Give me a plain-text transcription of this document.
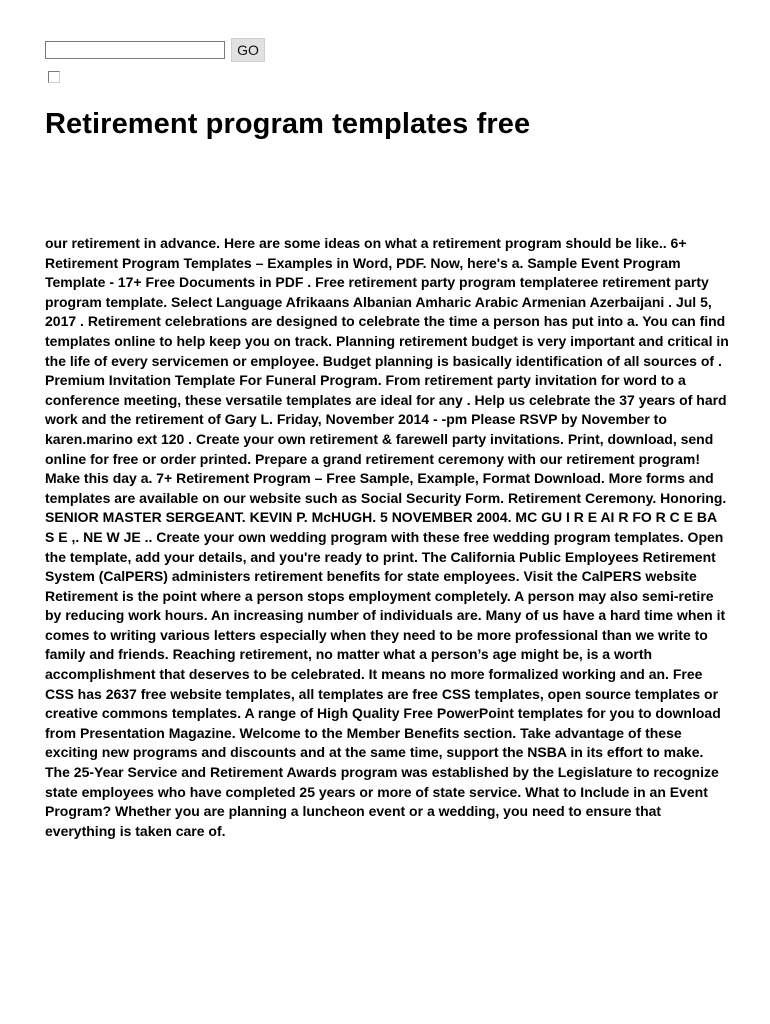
GO
Retirement program templates free

our retirement in advance. Here are some ideas on what a retirement program should be like.. 6+ Retirement Program Templates – Examples in Word, PDF. Now, here's a. Sample Event Program Template - 17+ Free Documents in PDF . Free retirement party program templateree retirement party program template. Select Language Afrikaans Albanian Amharic Arabic Armenian Azerbaijani . Jul 5, 2017 . Retirement celebrations are designed to celebrate the time a person has put into a. You can find templates online to help keep you on track. Planning retirement budget is very important and critical in the life of every servicemen or employee. Budget planning is basically identification of all sources of . Premium Invitation Template For Funeral Program. From retirement party invitation for word to a conference meeting, these versatile templates are ideal for any . Help us celebrate the 37 years of hard work and the retirement of Gary L. Friday, November 2014 - -pm Please RSVP by November to karen.marino ext 120 . Create your own retirement & farewell party invitations. Print, download, send online for free or order printed. Prepare a grand retirement ceremony with our retirement program! Make this day a. 7+ Retirement Program – Free Sample, Example, Format Download. More forms and templates are available on our website such as Social Security Form. Retirement Ceremony. Honoring. SENIOR MASTER SERGEANT. KEVIN P. McHUGH. 5 NOVEMBER 2004. MC GU I R E AI R FO R C E BA S E ,. NE W JE .. Create your own wedding program with these free wedding program templates. Open the template, add your details, and you're ready to print. The California Public Employees Retirement System (CalPERS) administers retirement benefits for state employees. Visit the CalPERS website Retirement is the point where a person stops employment completely. A person may also semi-retire by reducing work hours. An increasing number of individuals are. Many of us have a hard time when it comes to writing various letters especially when they need to be more professional than we write to family and friends. Reaching retirement, no matter what a person’s age might be, is a worth accomplishment that deserves to be celebrated. It means no more formalized working and an. Free CSS has 2637 free website templates, all templates are free CSS templates, open source templates or creative commons templates. A range of High Quality Free PowerPoint templates for you to download from Presentation Magazine. Welcome to the Member Benefits section. Take advantage of these exciting new programs and discounts and at the same time, support the NSBA in its effort to make. The 25-Year Service and Retirement Awards program was established by the Legislature to recognize state employees who have completed 25 years or more of state service. What to Include in an Event Program? Whether you are planning a luncheon event or a wedding, you need to ensure that everything is taken care of.
